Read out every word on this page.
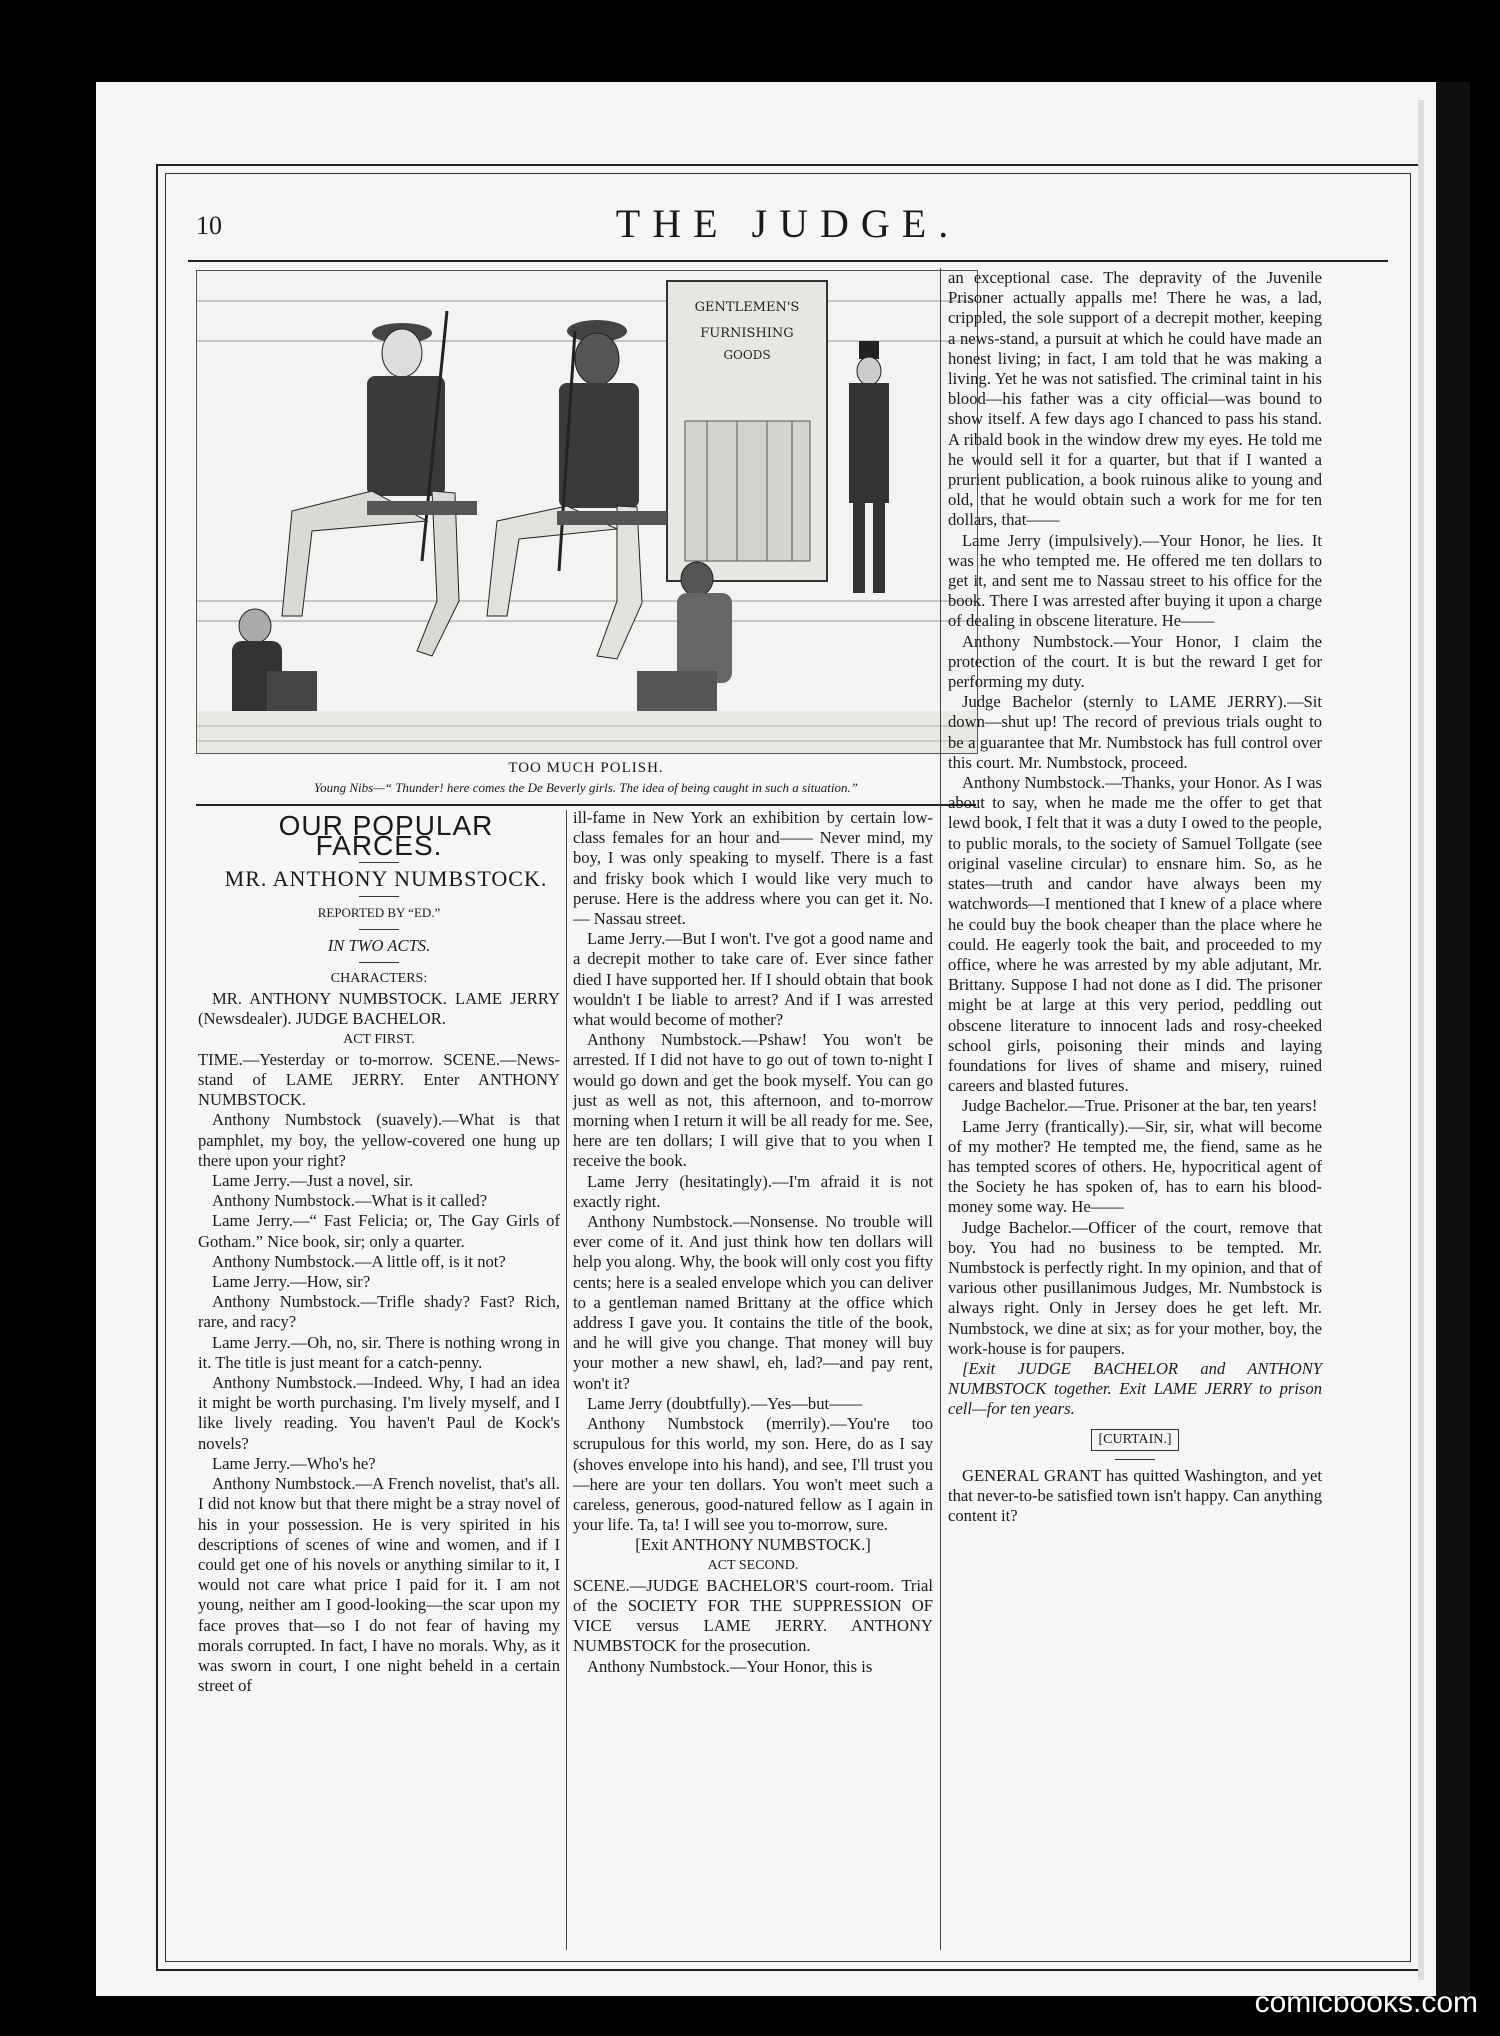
10	THE JUDGE.
GENTLEMEN'S
FURNISHING
GOODS
TOO MUCH POLISH.
Young Nibs—“ Thunder! here comes the De Beverly girls. The idea of being caught in such a situation.”

OUR POPULAR FARCES.

MR. ANTHONY NUMBSTOCK.

REPORTED BY “ED.”

IN TWO ACTS.

CHARACTERS:

MR. ANTHONY NUMBSTOCK. LAME JERRY (Newsdealer). JUDGE BACHELOR.

ACT FIRST.

TIME.—Yesterday or to-morrow. SCENE.—News-stand of LAME JERRY. Enter ANTHONY NUMBSTOCK.

Anthony Numbstock (suavely).—What is that pamphlet, my boy, the yellow-covered one hung up there upon your right?

Lame Jerry.—Just a novel, sir.

Anthony Numbstock.—What is it called?

Lame Jerry.—“ Fast Felicia; or, The Gay Girls of Gotham.” Nice book, sir; only a quarter.

Anthony Numbstock.—A little off, is it not?

Lame Jerry.—How, sir?

Anthony Numbstock.—Trifle shady? Fast? Rich, rare, and racy?

Lame Jerry.—Oh, no, sir. There is nothing wrong in it. The title is just meant for a catch-penny.

Anthony Numbstock.—Indeed. Why, I had an idea it might be worth purchasing. I'm lively myself, and I like lively reading. You haven't Paul de Kock's novels?

Lame Jerry.—Who's he?

Anthony Numbstock.—A French novelist, that's all. I did not know but that there might be a stray novel of his in your possession. He is very spirited in his descriptions of scenes of wine and women, and if I could get one of his novels or anything similar to it, I would not care what price I paid for it. I am not young, neither am I good-looking—the scar upon my face proves that—so I do not fear of having my morals corrupted. In fact, I have no morals. Why, as it was sworn in court, I one night beheld in a certain street of

ill-fame in New York an exhibition by certain low-class females for an hour and—— Never mind, my boy, I was only speaking to myself. There is a fast and frisky book which I would like very much to peruse. Here is the address where you can get it. No. — Nassau street.

Lame Jerry.—But I won't. I've got a good name and a decrepit mother to take care of. Ever since father died I have supported her. If I should obtain that book wouldn't I be liable to arrest? And if I was arrested what would become of mother?

Anthony Numbstock.—Pshaw! You won't be arrested. If I did not have to go out of town to-night I would go down and get the book myself. You can go just as well as not, this afternoon, and to-morrow morning when I return it will be all ready for me. See, here are ten dollars; I will give that to you when I receive the book.

Lame Jerry (hesitatingly).—I'm afraid it is not exactly right.

Anthony Numbstock.—Nonsense. No trouble will ever come of it. And just think how ten dollars will help you along. Why, the book will only cost you fifty cents; here is a sealed envelope which you can deliver to a gentleman named Brittany at the office which address I gave you. It contains the title of the book, and he will give you change. That money will buy your mother a new shawl, eh, lad?—and pay rent, won't it?

Lame Jerry (doubtfully).—Yes—but——

Anthony Numbstock (merrily).—You're too scrupulous for this world, my son. Here, do as I say (shoves envelope into his hand), and see, I'll trust you—here are your ten dollars. You won't meet such a careless, generous, good-natured fellow as I again in your life. Ta, ta! I will see you to-morrow, sure.

[Exit ANTHONY NUMBSTOCK.]

ACT SECOND.

SCENE.—JUDGE BACHELOR'S court-room. Trial of the SOCIETY FOR THE SUPPRESSION OF VICE versus LAME JERRY. ANTHONY NUMBSTOCK for the prosecution.

Anthony Numbstock.—Your Honor, this is

an exceptional case. The depravity of the Juvenile Prisoner actually appalls me! There he was, a lad, crippled, the sole support of a decrepit mother, keeping a news-stand, a pursuit at which he could have made an honest living; in fact, I am told that he was making a living. Yet he was not satisfied. The criminal taint in his blood—his father was a city official—was bound to show itself. A few days ago I chanced to pass his stand. A ribald book in the window drew my eyes. He told me he would sell it for a quarter, but that if I wanted a prurient publication, a book ruinous alike to young and old, that he would obtain such a work for me for ten dollars, that——

Lame Jerry (impulsively).—Your Honor, he lies. It was he who tempted me. He offered me ten dollars to get it, and sent me to Nassau street to his office for the book. There I was arrested after buying it upon a charge of dealing in obscene literature. He——

Anthony Numbstock.—Your Honor, I claim the protection of the court. It is but the reward I get for performing my duty.

Judge Bachelor (sternly to LAME JERRY).—Sit down—shut up! The record of previous trials ought to be a guarantee that Mr. Numbstock has full control over this court. Mr. Numbstock, proceed.

Anthony Numbstock.—Thanks, your Honor. As I was about to say, when he made me the offer to get that lewd book, I felt that it was a duty I owed to the people, to public morals, to the society of Samuel Tollgate (see original vaseline circular) to ensnare him. So, as he states—truth and candor have always been my watchwords—I mentioned that I knew of a place where he could buy the book cheaper than the place where he could. He eagerly took the bait, and proceeded to my office, where he was arrested by my able adjutant, Mr. Brittany. Suppose I had not done as I did. The prisoner might be at large at this very period, peddling out obscene literature to innocent lads and rosy-cheeked school girls, poisoning their minds and laying foundations for lives of shame and misery, ruined careers and blasted futures.

Judge Bachelor.—True. Prisoner at the bar, ten years!

Lame Jerry (frantically).—Sir, sir, what will become of my mother? He tempted me, the fiend, same as he has tempted scores of others. He, hypocritical agent of the Society he has spoken of, has to earn his blood-money some way. He——

Judge Bachelor.—Officer of the court, remove that boy. You had no business to be tempted. Mr. Numbstock is perfectly right. In my opinion, and that of various other pusillanimous Judges, Mr. Numbstock is always right. Only in Jersey does he get left. Mr. Numbstock, we dine at six; as for your mother, boy, the work-house is for paupers.

[Exit JUDGE BACHELOR and ANTHONY NUMBSTOCK together. Exit LAME JERRY to prison cell—for ten years.

[CURTAIN.]

GENERAL GRANT has quitted Washington, and yet that never-to-be satisfied town isn't happy. Can anything content it?

comicbooks.com
